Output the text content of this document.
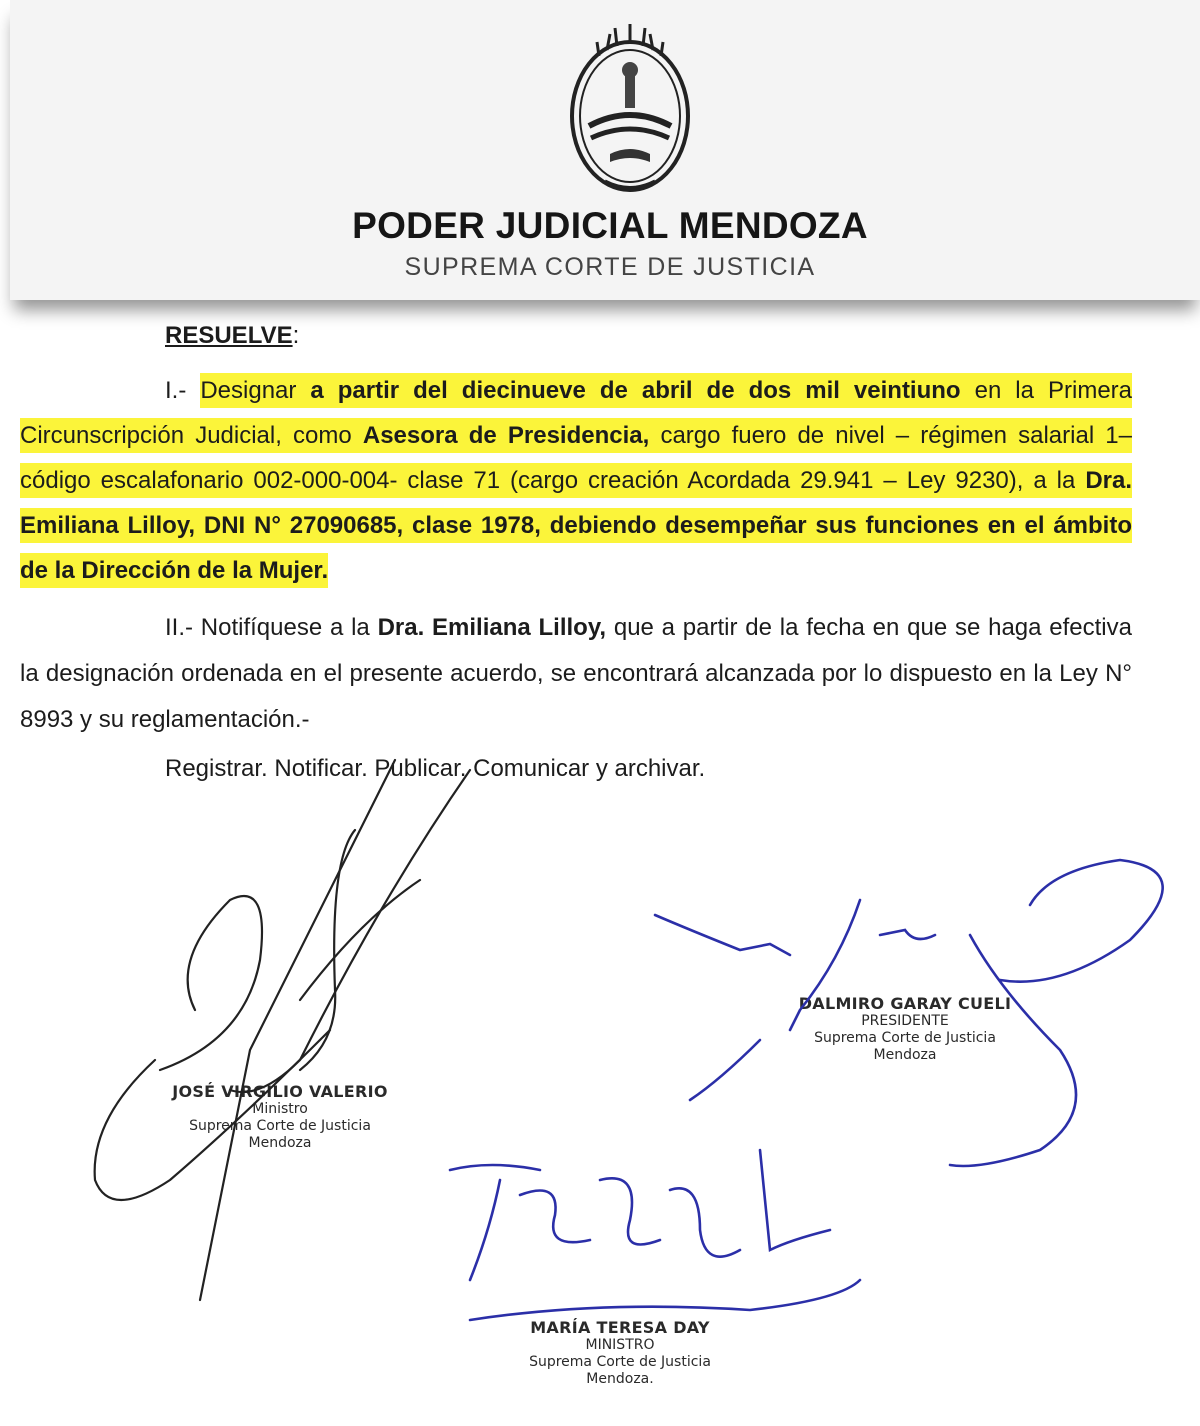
PODER JUDICIAL MENDOZA
SUPREMA CORTE DE JUSTICIA
RESUELVE:
I.- Designar a partir del diecinueve de abril de dos mil veintiuno en la Primera Circunscripción Judicial, como Asesora de Presidencia, cargo fuero de nivel – régimen salarial 1–código escalafonario 002-000-004- clase 71 (cargo creación Acordada 29.941 – Ley 9230), a la Dra. Emiliana Lilloy, DNI N° 27090685, clase 1978, debiendo desempeñar sus funciones en el ámbito de la Dirección de la Mujer.
II.- Notifíquese a la Dra. Emiliana Lilloy, que a partir de la fecha en que se haga efectiva la designación ordenada en el presente acuerdo, se encontrará alcanzada por lo dispuesto en la Ley N° 8993 y su reglamentación.-
Registrar. Notificar. Publicar. Comunicar y archivar.
JOSÉ VIRGILIO VALERIO
Ministro
Suprema Corte de Justicia
Mendoza
DALMIRO GARAY CUELI
PRESIDENTE
Suprema Corte de Justicia
Mendoza
MARÍA TERESA DAY
MINISTRO
Suprema Corte de Justicia
Mendoza.
